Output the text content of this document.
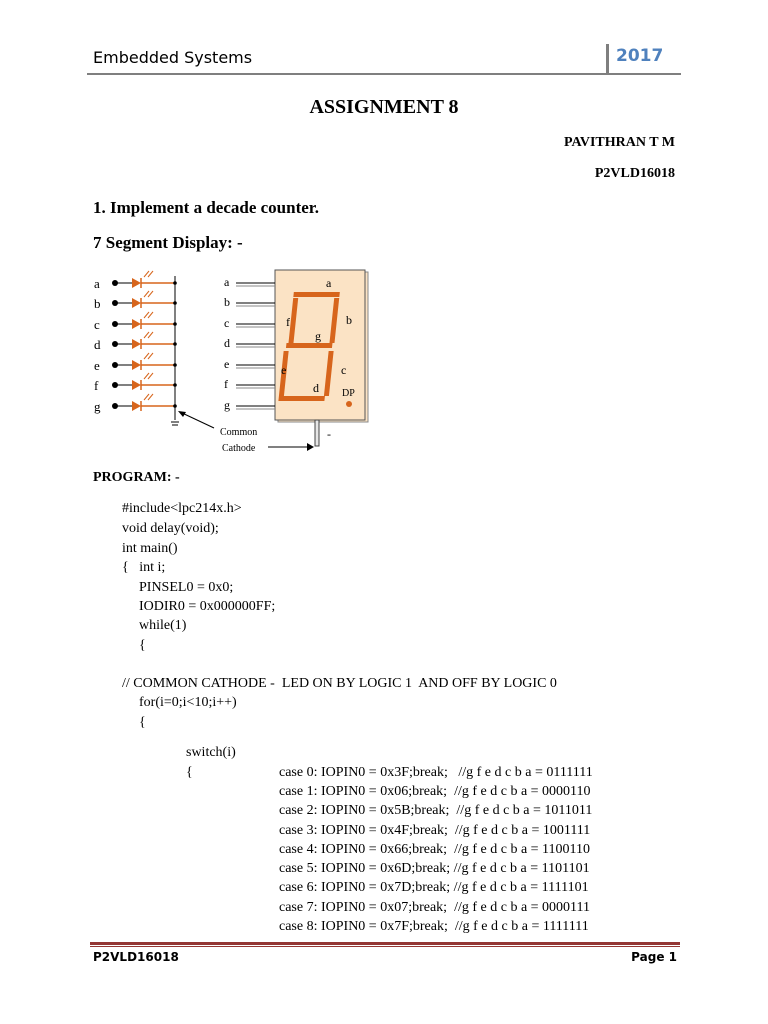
Embedded Systems	2017
ASSIGNMENT 8
PAVITHRAN T M
P2VLD16018
1. Implement a decade counter.
7 Segment Display: -
a
b
c
d
e
f
g
a
b
c
d
e
f
g
DP
a
b
c
d
e
f
g
-
Common
Cathode
PROGRAM: -
#include<lpc214x.h>
void delay(void);
int main()
{   int i;
PINSEL0 = 0x0;
IODIR0 = 0x000000FF;
while(1)
{
// COMMON CATHODE -  LED ON BY LOGIC 1  AND OFF BY LOGIC 0
for(i=0;i<10;i++)
{
switch(i)
{	case 0: IOPIN0 = 0x3F;break;   //g f e d c b a = 0111111
case 1: IOPIN0 = 0x06;break;  //g f e d c b a = 0000110
case 2: IOPIN0 = 0x5B;break;  //g f e d c b a = 1011011
case 3: IOPIN0 = 0x4F;break;  //g f e d c b a = 1001111
case 4: IOPIN0 = 0x66;break;  //g f e d c b a = 1100110
case 5: IOPIN0 = 0x6D;break; //g f e d c b a = 1101101
case 6: IOPIN0 = 0x7D;break; //g f e d c b a = 1111101
case 7: IOPIN0 = 0x07;break;  //g f e d c b a = 0000111
case 8: IOPIN0 = 0x7F;break;  //g f e d c b a = 1111111
P2VLD16018	Page 1
